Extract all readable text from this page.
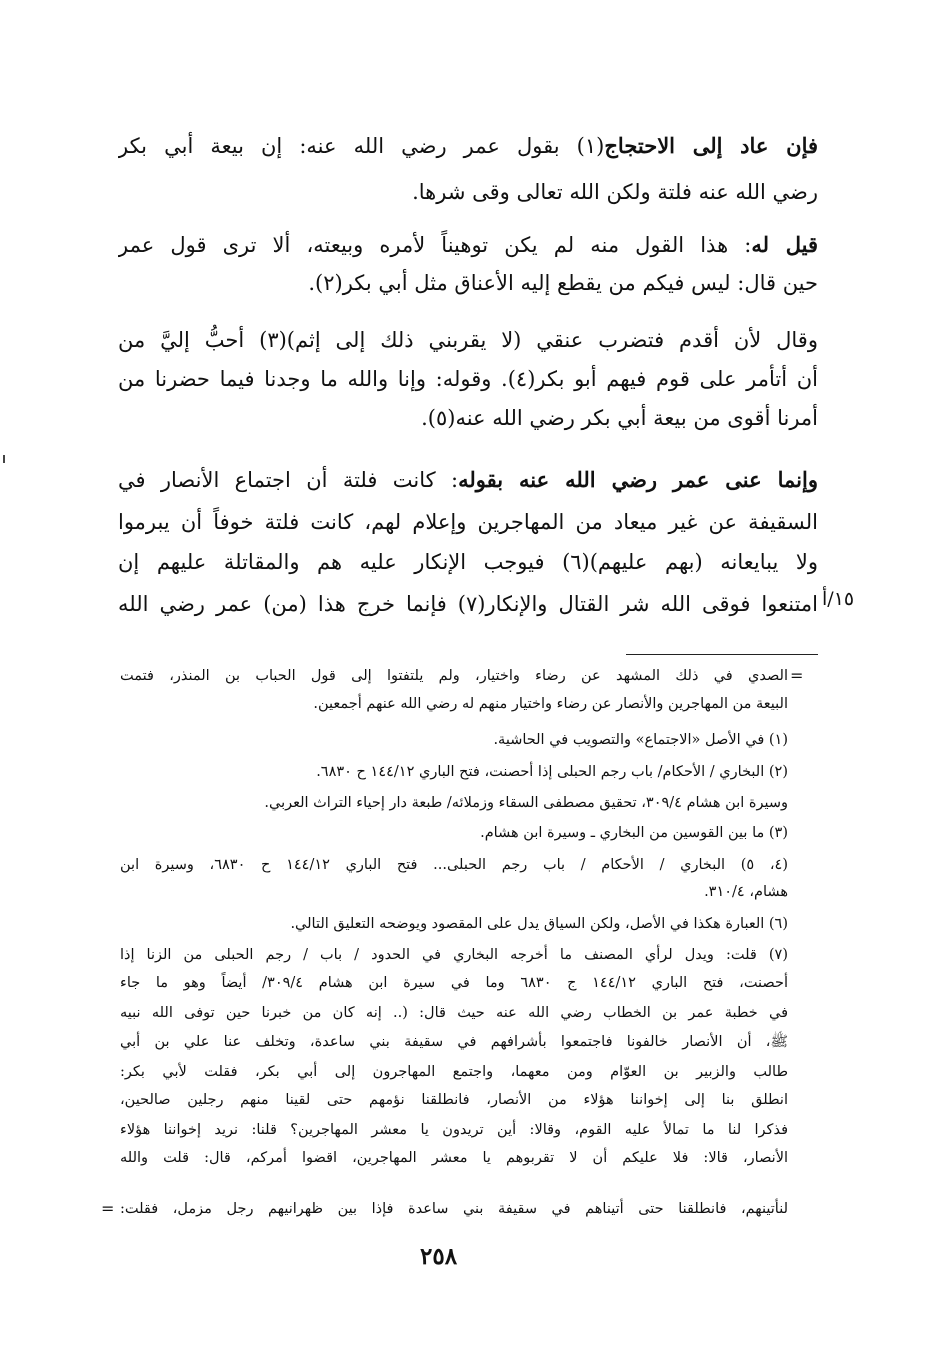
فإن عاد إلى الاحتجاج(١) بقول عمر رضي الله عنه: إن بيعة أبي بكر
رضي الله عنه فلتة ولكن الله تعالى وقى شرها.
قيل له: هذا القول منه لم يكن توهيناً لأمره وبيعته، ألا ترى قول عمر
حين قال: ليس فيكم من يقطع إليه الأعناق مثل أبي بكر(٢).
وقال لأن أقدم فتضرب عنقي (لا يقربني ذلك إلى إثم)(٣) أحبُّ إليَّ من
أن أتأمر على قوم فيهم أبو بكر(٤). وقوله: وإنا والله ما وجدنا فيما حضرنا من
أمرنا أقوى من بيعة أبي بكر رضي الله عنه(٥).
وإنما عنى عمر رضي الله عنه بقوله: كانت فلتة أن اجتماع الأنصار في
السقيفة عن غير ميعاد من المهاجرين وإعلام لهم، كانت فلتة خوفاً أن يبرموا
ولا يبايعانه (بهم عليهم)(٦) فيوجب الإنكار عليه هم والمقاتلة عليهم إن
امتنعوا فوقى الله شر القتال والإنكار(٧) فإنما خرج هذا (من) عمر رضي الله ١٥/أ
=
الصدي في ذلك المشهد عن رضاء واختيار، ولم يلتفتوا إلى قول الحباب بن المنذر، فتمت
البيعة من المهاجرين والأنصار عن رضاء واختيار منهم له رضي الله عنهم أجمعين.
(١) في الأصل «الاجتماع» والتصويب في الحاشية.
(٢) البخاري / الأحكام/ باب رجم الحبلى إذا أحصنت، فتح الباري ١٤٤/١٢ ح ٦٨٣٠.
وسيرة ابن هشام ٣٠٩/٤، تحقيق مصطفى السقاء وزملائه/ طبعة دار إحياء التراث العربي.
(٣) ما بين القوسين من البخاري ـ وسيرة ابن هشام.
(٤، ٥) البخاري / الأحكام / باب رجم الحبلى... فتح الباري ١٤٤/١٢ ح ٦٨٣٠، وسيرة ابن
هشام، ٣١٠/٤.
(٦) العبارة هكذا في الأصل، ولكن السياق يدل على المقصود ويوضحه التعليق التالي.
(٧) قلت: ويدل لرأي المصنف ما أخرجه البخاري في الحدود / باب / رجم الحبلى من الزنا إذا
أحصنت، فتح الباري ١٤٤/١٢ ج ٦٨٣٠ وما في سيرة ابن هشام ٣٠٩/٤/ أيضاً وهو ما جاء
في خطبة عمر بن الخطاب رضي الله عنه حيث قال: (.. إنه كان من خبرنا حين توفى الله نبيه
ﷺ، أن الأنصار خالفونا فاجتمعوا بأشرافهم في سقيفة بني ساعدة، وتخلف عنا علي بن أبي
طالب والزبير بن العوّام ومن معهما، واجتمع المهاجرون إلى أبي بكر، فقلت لأبي بكر:
انطلق بنا إلى إخواننا هؤلاء من الأنصار، فانطلقنا نؤمهم حتى لقينا منهم رجلين صالحين،
فذكرا لنا ما تمالأ عليه القوم، وقالا: أين تريدون يا معشر المهاجرين؟ قلنا: نريد إخواننا هؤلاء
الأنصار، قالا: فلا عليكم أن لا تقربوهم يا معشر المهاجرين، اقضوا أمركم، قال: قلت والله
لنأتينهم، فانطلقنا حتى أتيناهم في سقيفة بني ساعدة فإذا بين ظهرانيهم رجل مزمل، فقلت:
=
٢٥٨
